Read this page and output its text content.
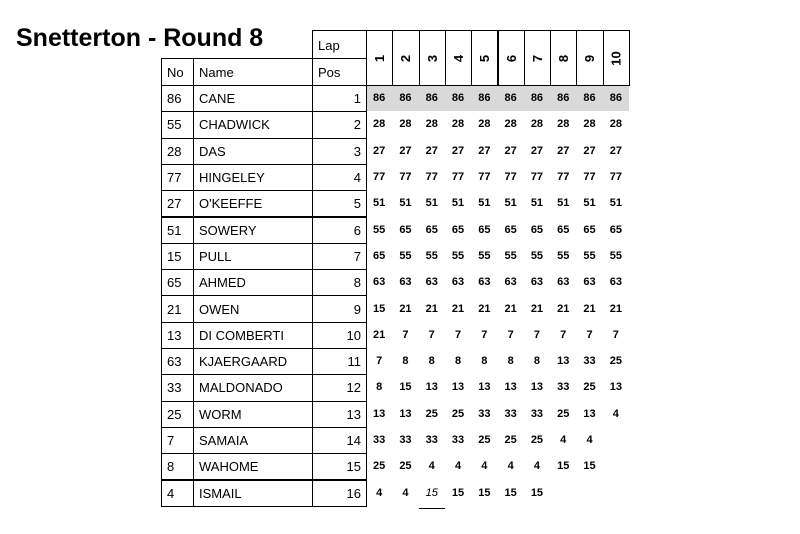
Snetterton - Round 8
No	Name
Lap
Pos
1 2 3 4 5 6 7 8 9 10
86	CANE	1	86	86	86	86	86	86	86	86	86	86
55	CHADWICK	2	28	28	28	28	28	28	28	28	28	28
28	DAS	3	27	27	27	27	27	27	27	27	27	27
77	HINGELEY	4	77	77	77	77	77	77	77	77	77	77
27	O'KEEFFE	5	51	51	51	51	51	51	51	51	51	51
51	SOWERY	6	55	65	65	65	65	65	65	65	65	65
15	PULL	7	65	55	55	55	55	55	55	55	55	55
65	AHMED	8	63	63	63	63	63	63	63	63	63	63
21	OWEN	9	15	21	21	21	21	21	21	21	21	21
13	DI COMBERTI	10	21	7	7	7	7	7	7	7	7	7
63	KJAERGAARD	11	7	8	8	8	8	8	8	13	33	25
33	MALDONADO	12	8	15	13	13	13	13	13	33	25	13
25	WORM	13	13	13	25	25	33	33	33	25	13	4
7	SAMAIA	14	33	33	33	33	25	25	25	4	4
8	WAHOME	15	25	25	4	4	4	4	4	15	15
4	ISMAIL	16	4	4	15	15	15	15	15
